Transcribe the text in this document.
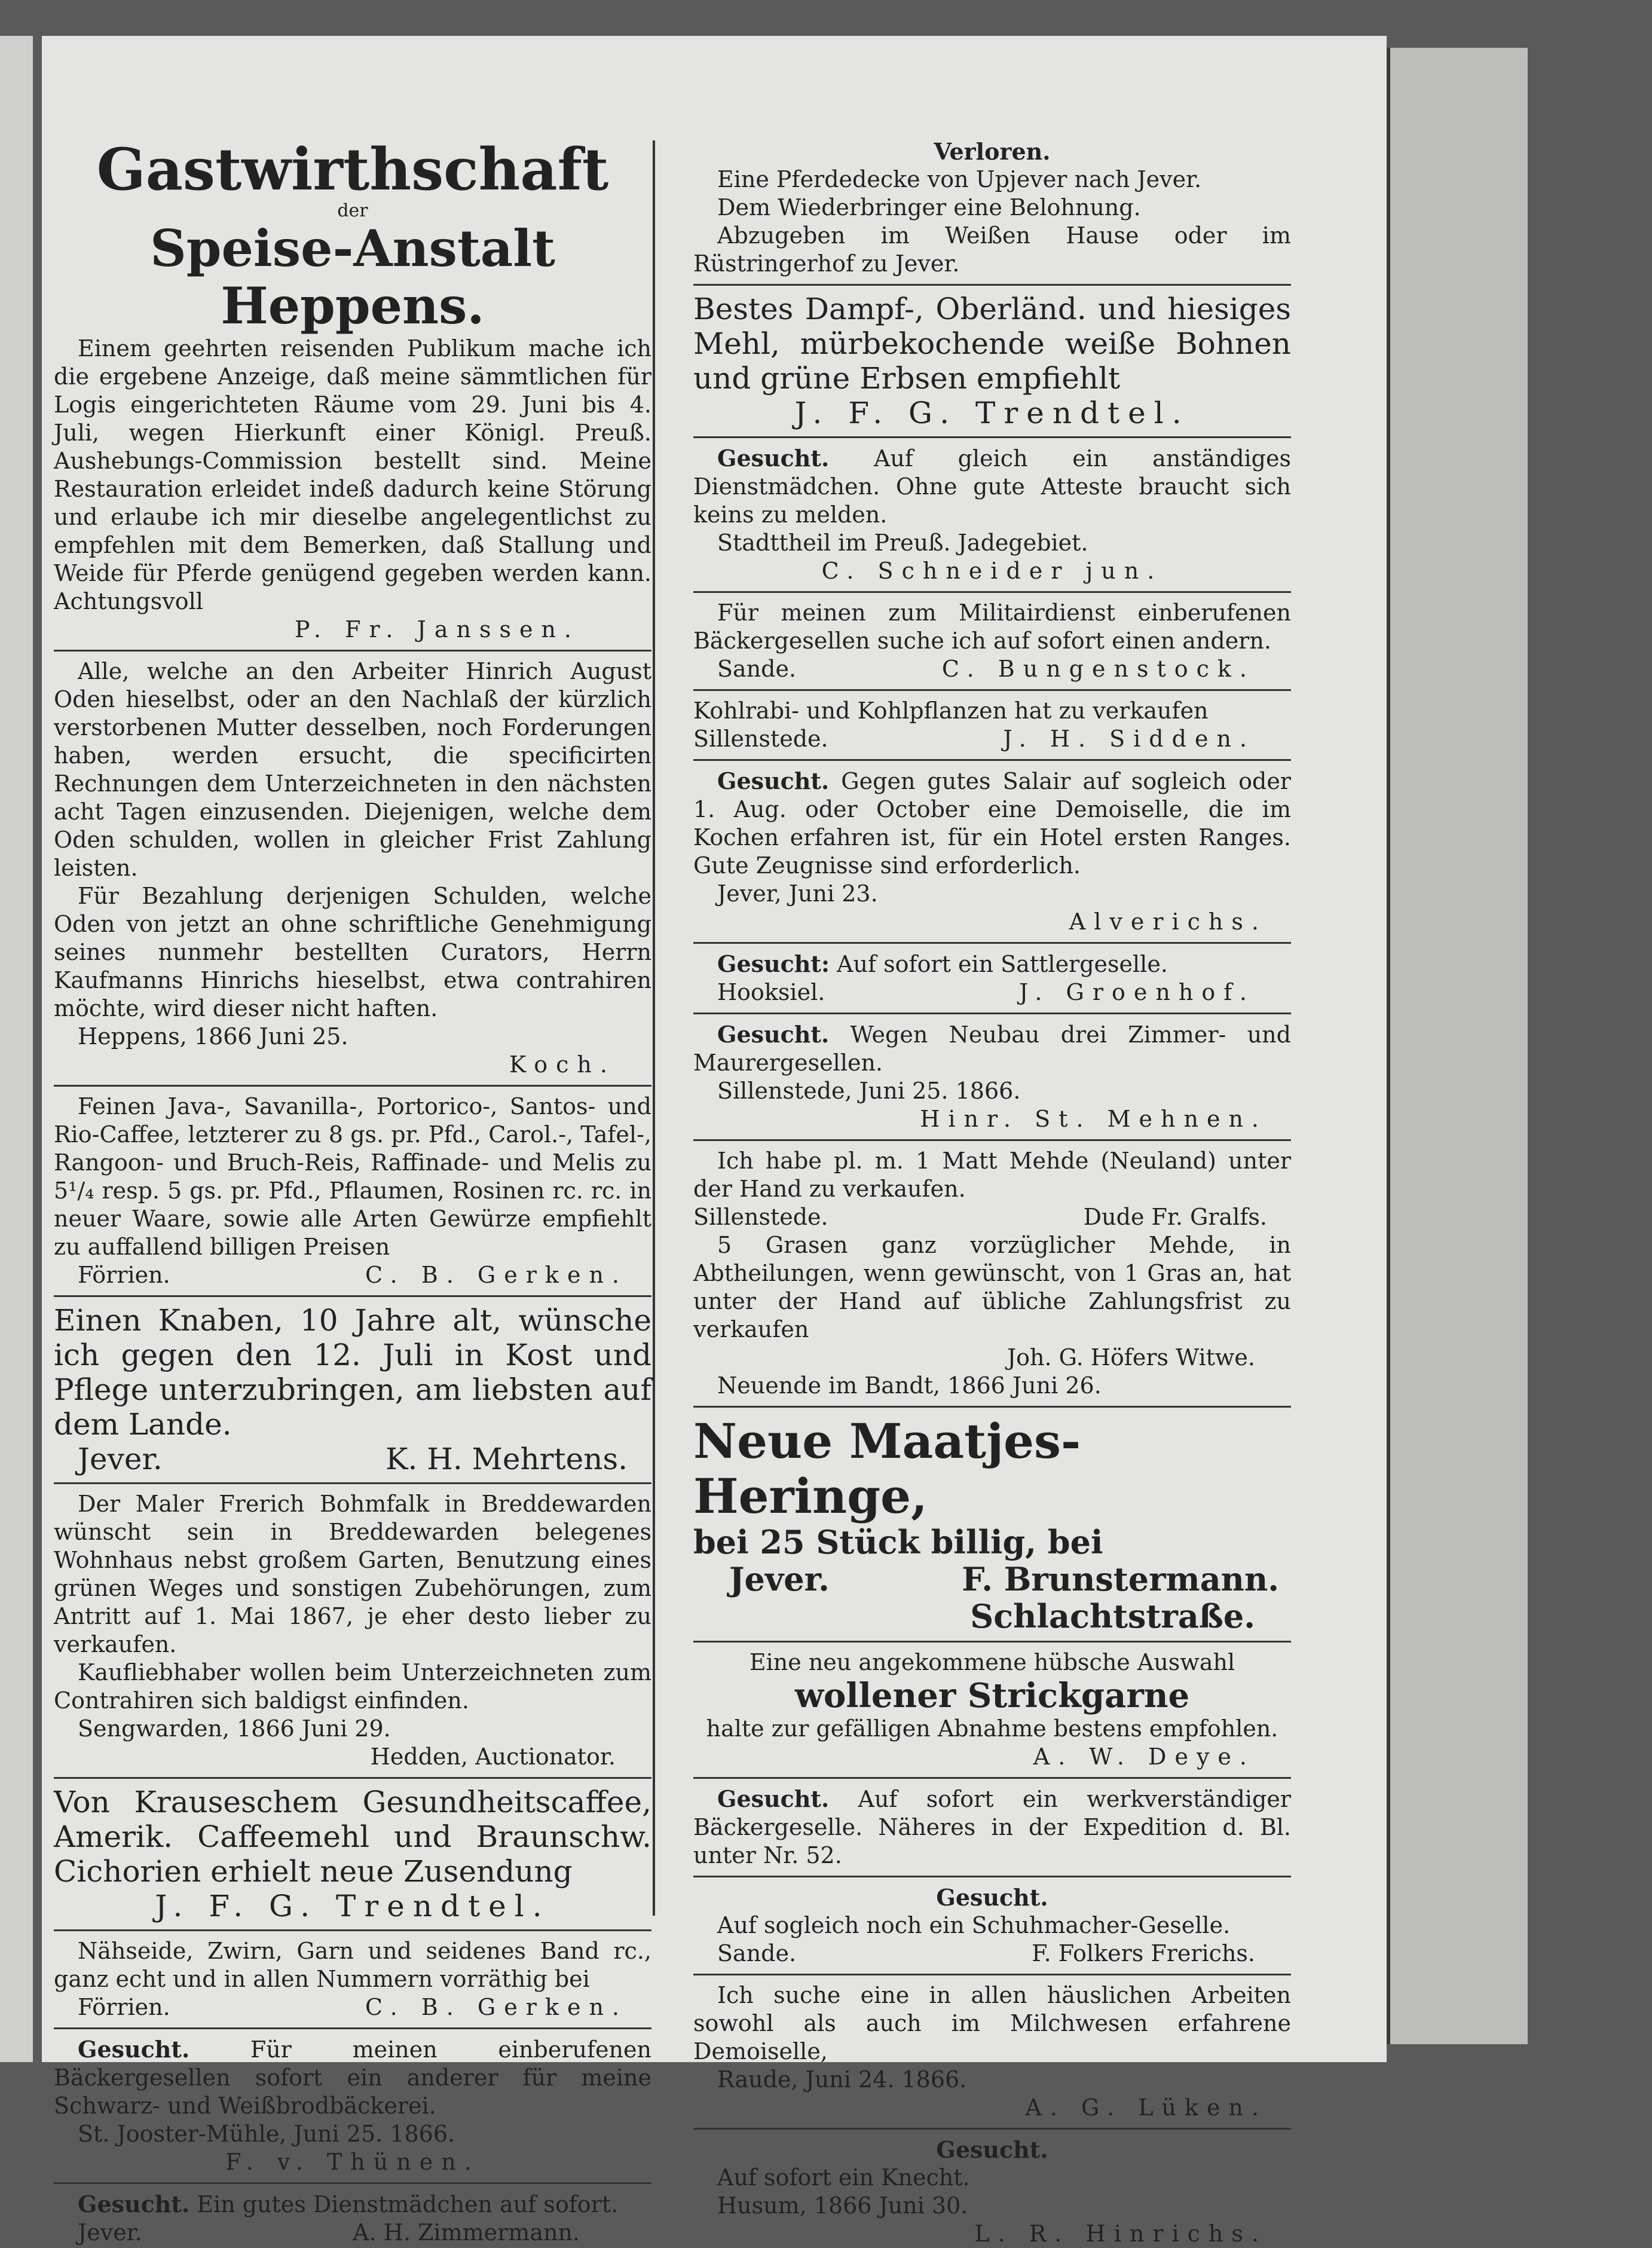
Gastwirthschaft

der

Speise-Anstalt Heppens.

Einem geehrten reisenden Publikum mache ich die ergebene Anzeige, daß meine sämmtlichen für Logis eingerichteten Räume vom 29. Juni bis 4. Juli, wegen Hierkunft einer Königl. Preuß. Aushebungs-Commission bestellt sind. Meine Restauration erleidet indeß dadurch keine Störung und erlaube ich mir dieselbe angelegentlichst zu empfehlen mit dem Bemerken, daß Stallung und Weide für Pferde genügend gegeben werden kann. Achtungsvoll

P. Fr. Janssen.

Alle, welche an den Arbeiter Hinrich August Oden hieselbst, oder an den Nachlaß der kürzlich verstorbenen Mutter desselben, noch Forderungen haben, werden ersucht, die specificirten Rechnungen dem Unterzeichneten in den nächsten acht Tagen einzusenden. Diejenigen, welche dem Oden schulden, wollen in gleicher Frist Zahlung leisten.

Für Bezahlung derjenigen Schulden, welche Oden von jetzt an ohne schriftliche Genehmigung seines nunmehr bestellten Curators, Herrn Kaufmanns Hinrichs hieselbst, etwa contrahiren möchte, wird dieser nicht haften.

Heppens, 1866 Juni 25.

Koch.

Feinen Java-, Savanilla-, Portorico-, Santos- und Rio-Caffee, letzterer zu 8 gs. pr. Pfd., Carol.-, Tafel-, Rangoon- und Bruch-Reis, Raffinade- und Melis zu 5¹/₄ resp. 5 gs. pr. Pfd., Pflaumen, Rosinen rc. rc. in neuer Waare, sowie alle Arten Gewürze empfiehlt zu auffallend billigen Preisen

Förrien.	C. B. Gerken.

Einen Knaben, 10 Jahre alt, wünsche ich gegen den 12. Juli in Kost und Pflege unterzubringen, am liebsten auf dem Lande.

Jever.	K. H. Mehrtens.

Der Maler Frerich Bohmfalk in Breddewarden wünscht sein in Breddewarden belegenes Wohnhaus nebst großem Garten, Benutzung eines grünen Weges und sonstigen Zubehörungen, zum Antritt auf 1. Mai 1867, je eher desto lieber zu verkaufen.

Kaufliebhaber wollen beim Unterzeichneten zum Contrahiren sich baldigst einfinden.

Sengwarden, 1866 Juni 29.

Hedden, Auctionator.

Von Krauseschem Gesundheitscaffee, Amerik. Caffeemehl und Braunschw. Cichorien erhielt neue Zusendung

J. F. G. Trendtel.

Nähseide, Zwirn, Garn und seidenes Band rc., ganz echt und in allen Nummern vorräthig bei

Förrien.	C. B. Gerken.

Gesucht.	Für meinen einberufenen Bäckergesellen sofort ein anderer für meine Schwarz- und Weißbrodbäckerei.

St. Jooster-Mühle, Juni 25. 1866.

F. v. Thünen.

Gesucht. Ein gutes Dienstmädchen auf sofort.

Jever.	A. H. Zimmermann.

Verloren.

Eine Pferdedecke von Upjever nach Jever.

Dem Wiederbringer eine Belohnung.

Abzugeben im Weißen Hause oder im Rüstringerhof zu Jever.

Bestes Dampf-, Oberländ. und hiesiges Mehl, mürbekochende weiße Bohnen und grüne Erbsen empfiehlt

J. F. G. Trendtel.

Gesucht. Auf gleich ein anständiges Dienstmädchen. Ohne gute Atteste braucht sich keins zu melden.

Stadttheil im Preuß. Jadegebiet.

C. Schneider jun.

Für meinen zum Militairdienst einberufenen Bäckergesellen suche ich auf sofort einen andern.

Sande.	C. Bungenstock.

Kohlrabi- und Kohlpflanzen hat zu verkaufen

Sillenstede.	J. H. Sidden.

Gesucht. Gegen gutes Salair auf sogleich oder 1. Aug. oder October eine Demoiselle, die im Kochen erfahren ist, für ein Hotel ersten Ranges. Gute Zeugnisse sind erforderlich.

Jever, Juni 23.

Alverichs.

Gesucht: Auf sofort ein Sattlergeselle.

Hooksiel.	J. Groenhof.

Gesucht. Wegen Neubau drei Zimmer- und Maurergesellen.

Sillenstede, Juni 25. 1866.

Hinr. St. Mehnen.

Ich habe pl. m. 1 Matt Mehde (Neuland) unter der Hand zu verkaufen.

Sillenstede.	Dude Fr. Gralfs.

5 Grasen ganz vorzüglicher Mehde, in Abtheilungen, wenn gewünscht, von 1 Gras an, hat unter der Hand auf übliche Zahlungsfrist zu verkaufen

Joh. G. Höfers Witwe.

Neuende im Bandt, 1866 Juni 26.

Neue Maatjes-Heringe,

bei 25 Stück billig, bei

Jever.	F. Brunstermann.

Schlachtstraße.

Eine neu angekommene hübsche Auswahl

wollener Strickgarne

halte zur gefälligen Abnahme bestens empfohlen.

A. W. Deye.

Gesucht. Auf sofort ein werkverständiger Bäckergeselle. Näheres in der Expedition d. Bl. unter Nr. 52.

Gesucht.

Auf sogleich noch ein Schuhmacher-Geselle.

Sande.	F. Folkers Frerichs.

Ich suche eine in allen häuslichen Arbeiten sowohl als auch im Milchwesen erfahrene Demoiselle,

Raude, Juni 24. 1866.

A. G. Lüken.

Gesucht.

Auf sofort ein Knecht.

Husum, 1866 Juni 30.

L. R. Hinrichs.
